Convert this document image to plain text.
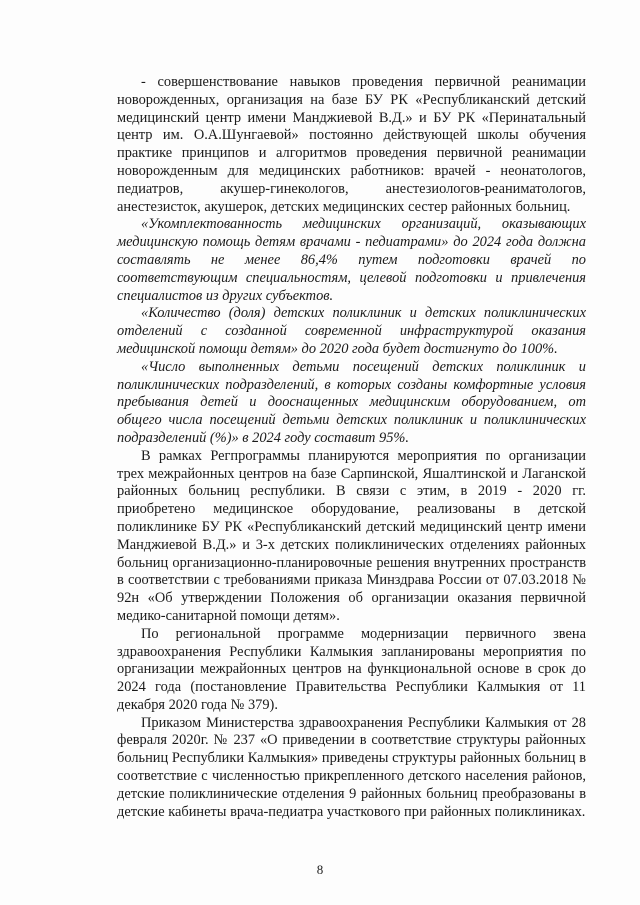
- совершенствование навыков проведения первичной реанимации новорожденных, организация на базе БУ РК «Республиканский детский медицинский центр имени Манджиевой В.Д.» и БУ РК «Перинатальный центр им. О.А.Шунгаевой» постоянно действующей школы обучения практике принципов и алгоритмов проведения первичной реанимации новорожденным для медицинских работников: врачей - неонатологов, педиатров, акушер-гинекологов, анестезиологов-реаниматологов, анестезисток, акушерок, детских медицинских сестер районных больниц.

«Укомплектованность медицинских организаций, оказывающих медицинскую помощь детям врачами - педиатрами» до 2024 года должна составлять не менее 86,4% путем подготовки врачей по соответствующим специальностям, целевой подготовки и привлечения специалистов из других субъектов.

«Количество (доля) детских поликлиник и детских поликлинических отделений с созданной современной инфраструктурой оказания медицинской помощи детям» до 2020 года будет достигнуто до 100%.

«Число выполненных детьми посещений детских поликлиник и поликлинических подразделений, в которых созданы комфортные условия пребывания детей и дооснащенных медицинским оборудованием, от общего числа посещений детьми детских поликлиник и поликлинических подразделений (%)» в 2024 году составит 95%.

В рамках Регпрограммы планируются мероприятия по организации трех межрайонных центров на базе Сарпинской, Яшалтинской и Лаганской районных больниц республики. В связи с этим, в 2019 - 2020 гг. приобретено медицинское оборудование, реализованы в детской поликлинике БУ РК «Республиканский детский медицинский центр имени Манджиевой В.Д.» и 3-х детских поликлинических отделениях районных больниц организационно-планировочные решения внутренних пространств в соответствии с требованиями приказа Минздрава России от 07.03.2018 № 92н «Об утверждении Положения об организации оказания первичной медико-санитарной помощи детям».

По региональной программе модернизации первичного звена здравоохранения Республики Калмыкия запланированы мероприятия по организации межрайонных центров на функциональной основе в срок до 2024 года (постановление Правительства Республики Калмыкия от 11 декабря 2020 года № 379).

Приказом Министерства здравоохранения Республики Калмыкия от 28 февраля 2020г. № 237 «О приведении в соответствие структуры районных больниц Республики Калмыкия» приведены структуры районных больниц в соответствие с численностью прикрепленного детского населения районов, детские поликлинические отделения 9 районных больниц преобразованы в детские кабинеты врача-педиатра участкового при районных поликлиниках.

8
